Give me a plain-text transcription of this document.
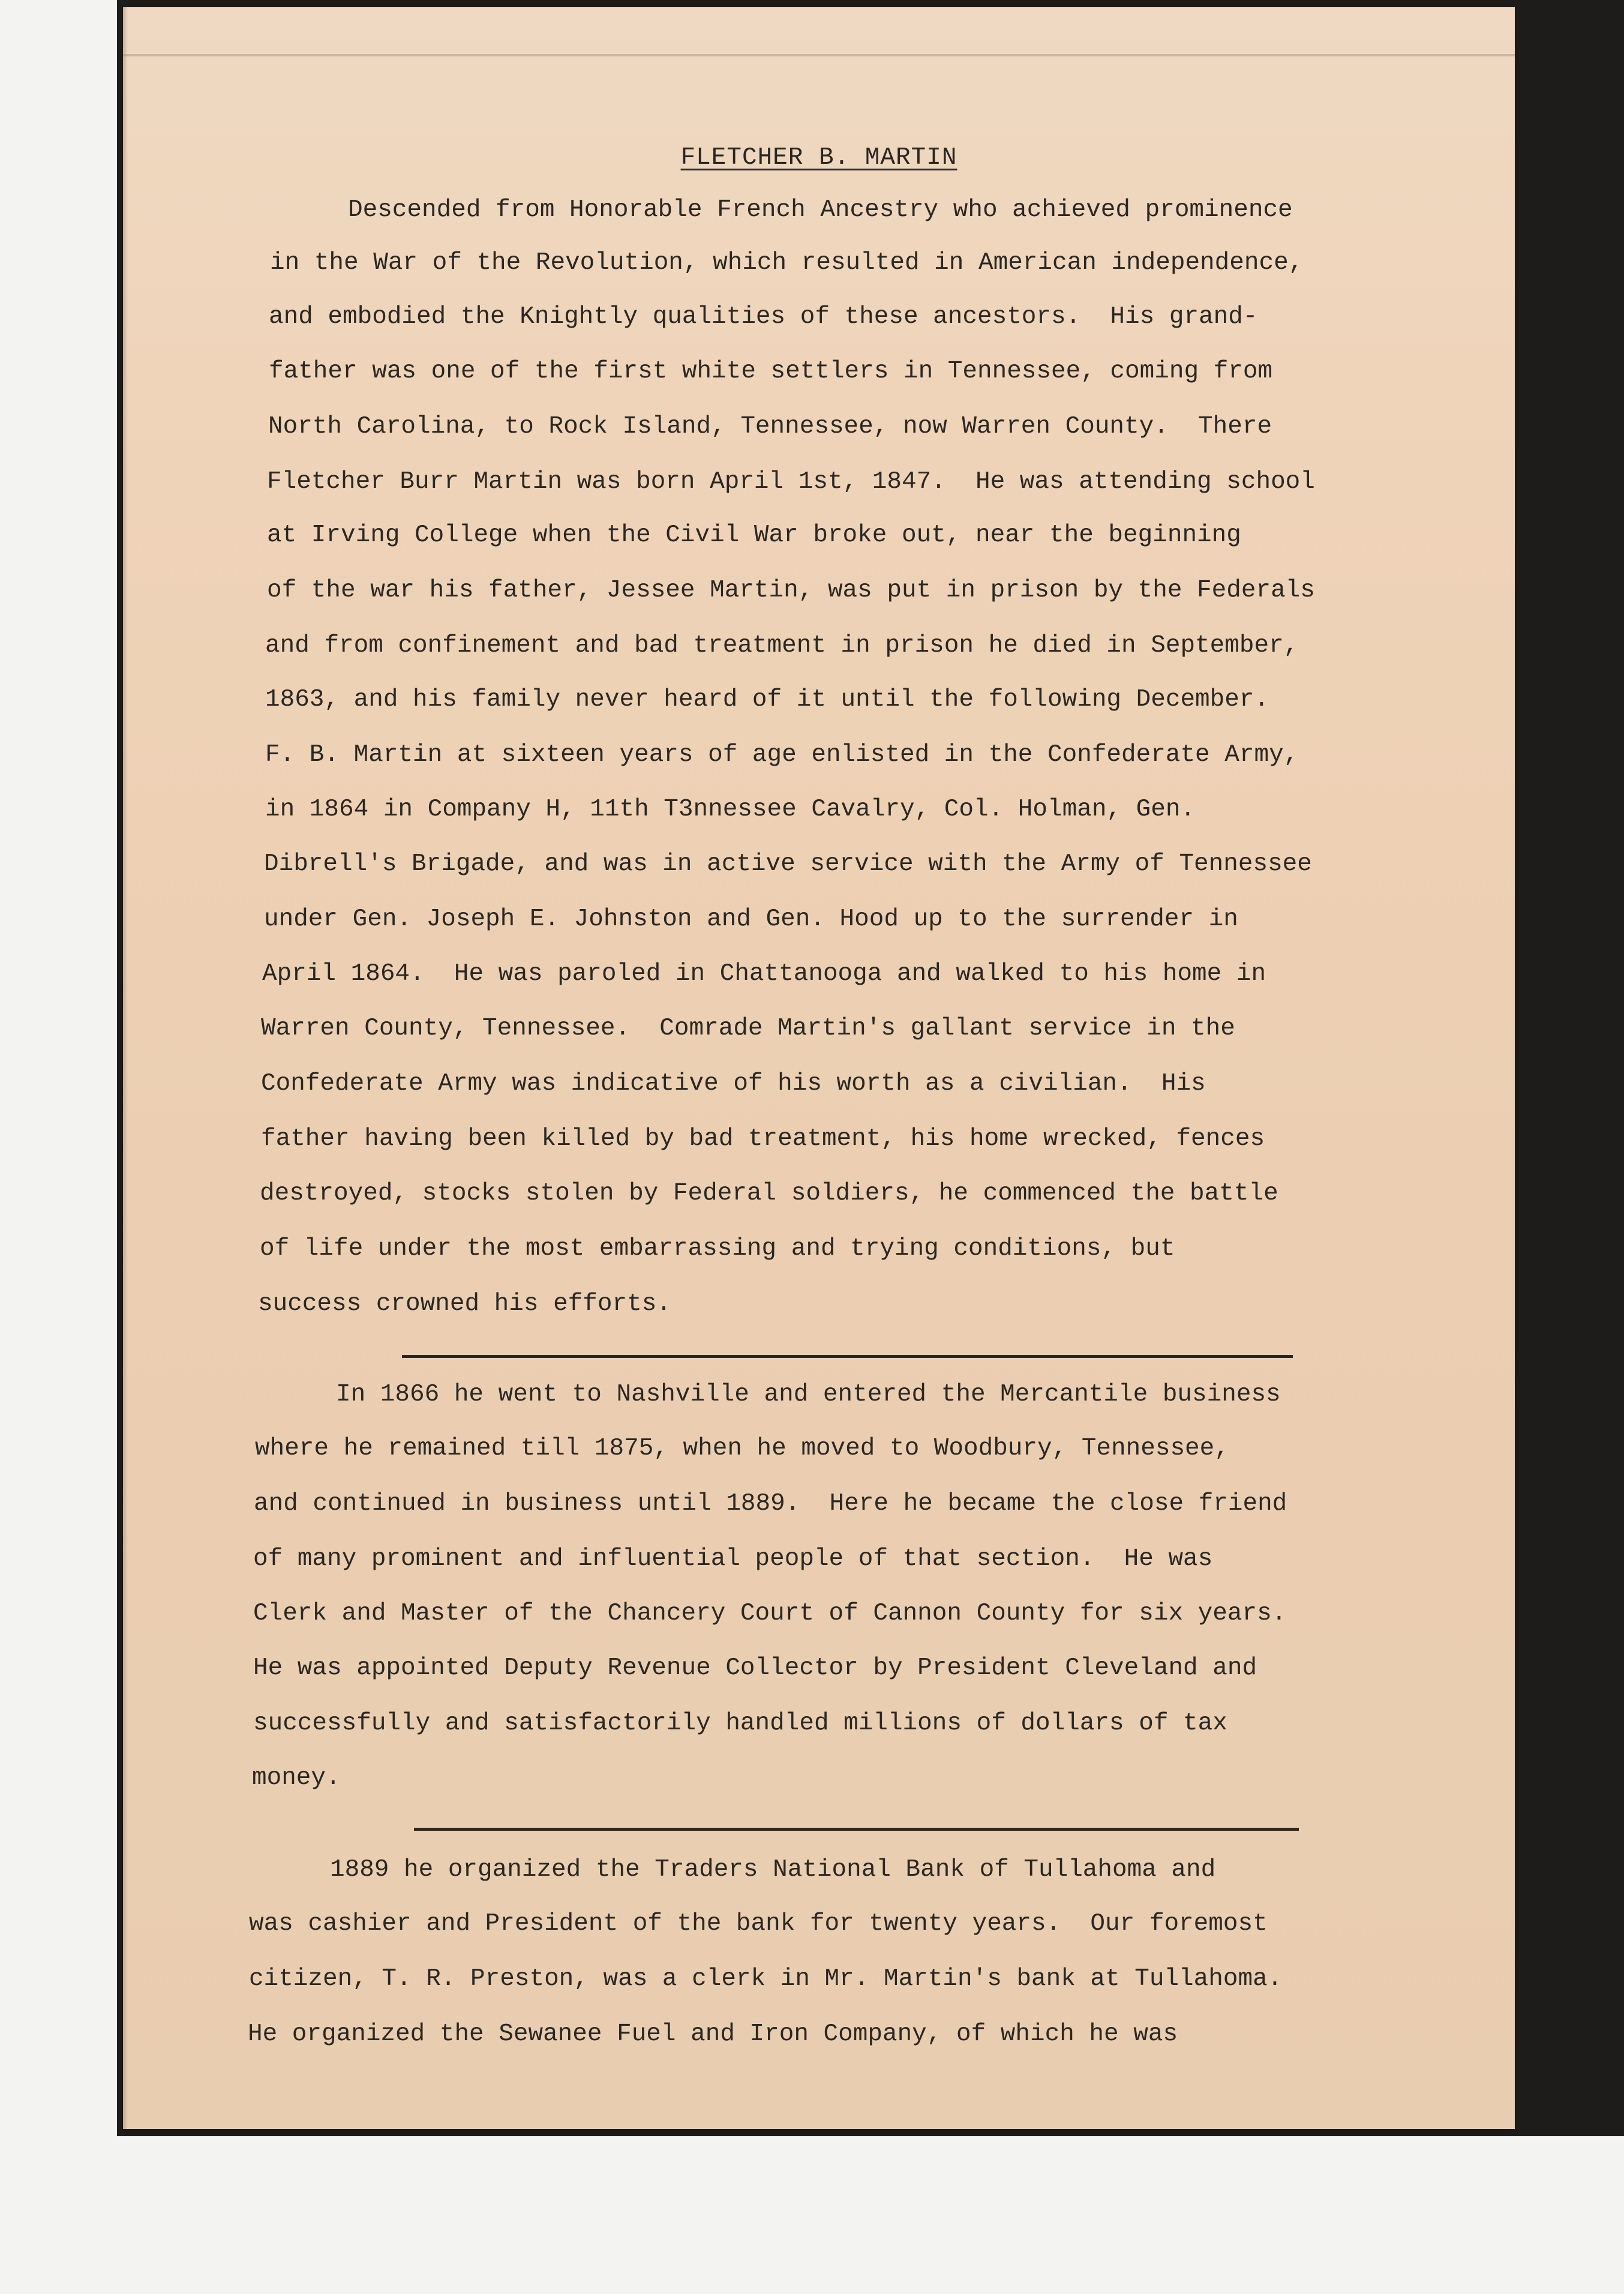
FLETCHER B. MARTIN
Descended from Honorable French Ancestry who achieved prominence
in the War of the Revolution, which resulted in American independence,
and embodied the Knightly qualities of these ancestors.  His grand-
father was one of the first white settlers in Tennessee, coming from
North Carolina, to Rock Island, Tennessee, now Warren County.  There
Fletcher Burr Martin was born April 1st, 1847.  He was attending school
at Irving College when the Civil War broke out, near the beginning
of the war his father, Jessee Martin, was put in prison by the Federals
and from confinement and bad treatment in prison he died in September,
1863, and his family never heard of it until the following December.
F. B. Martin at sixteen years of age enlisted in the Confederate Army,
in 1864 in Company H, 11th T3nnessee Cavalry, Col. Holman, Gen.
Dibrell's Brigade, and was in active service with the Army of Tennessee
under Gen. Joseph E. Johnston and Gen. Hood up to the surrender in
April 1864.  He was paroled in Chattanooga and walked to his home in
Warren County, Tennessee.  Comrade Martin's gallant service in the
Confederate Army was indicative of his worth as a civilian.  His
father having been killed by bad treatment, his home wrecked, fences
destroyed, stocks stolen by Federal soldiers, he commenced the battle
of life under the most embarrassing and trying conditions, but
success crowned his efforts.
In 1866 he went to Nashville and entered the Mercantile business
where he remained till 1875, when he moved to Woodbury, Tennessee,
and continued in business until 1889.  Here he became the close friend
of many prominent and influential people of that section.  He was
Clerk and Master of the Chancery Court of Cannon County for six years.
He was appointed Deputy Revenue Collector by President Cleveland and
successfully and satisfactorily handled millions of dollars of tax
money.
1889 he organized the Traders National Bank of Tullahoma and
was cashier and President of the bank for twenty years.  Our foremost
citizen, T. R. Preston, was a clerk in Mr. Martin's bank at Tullahoma.
He organized the Sewanee Fuel and Iron Company, of which he was
